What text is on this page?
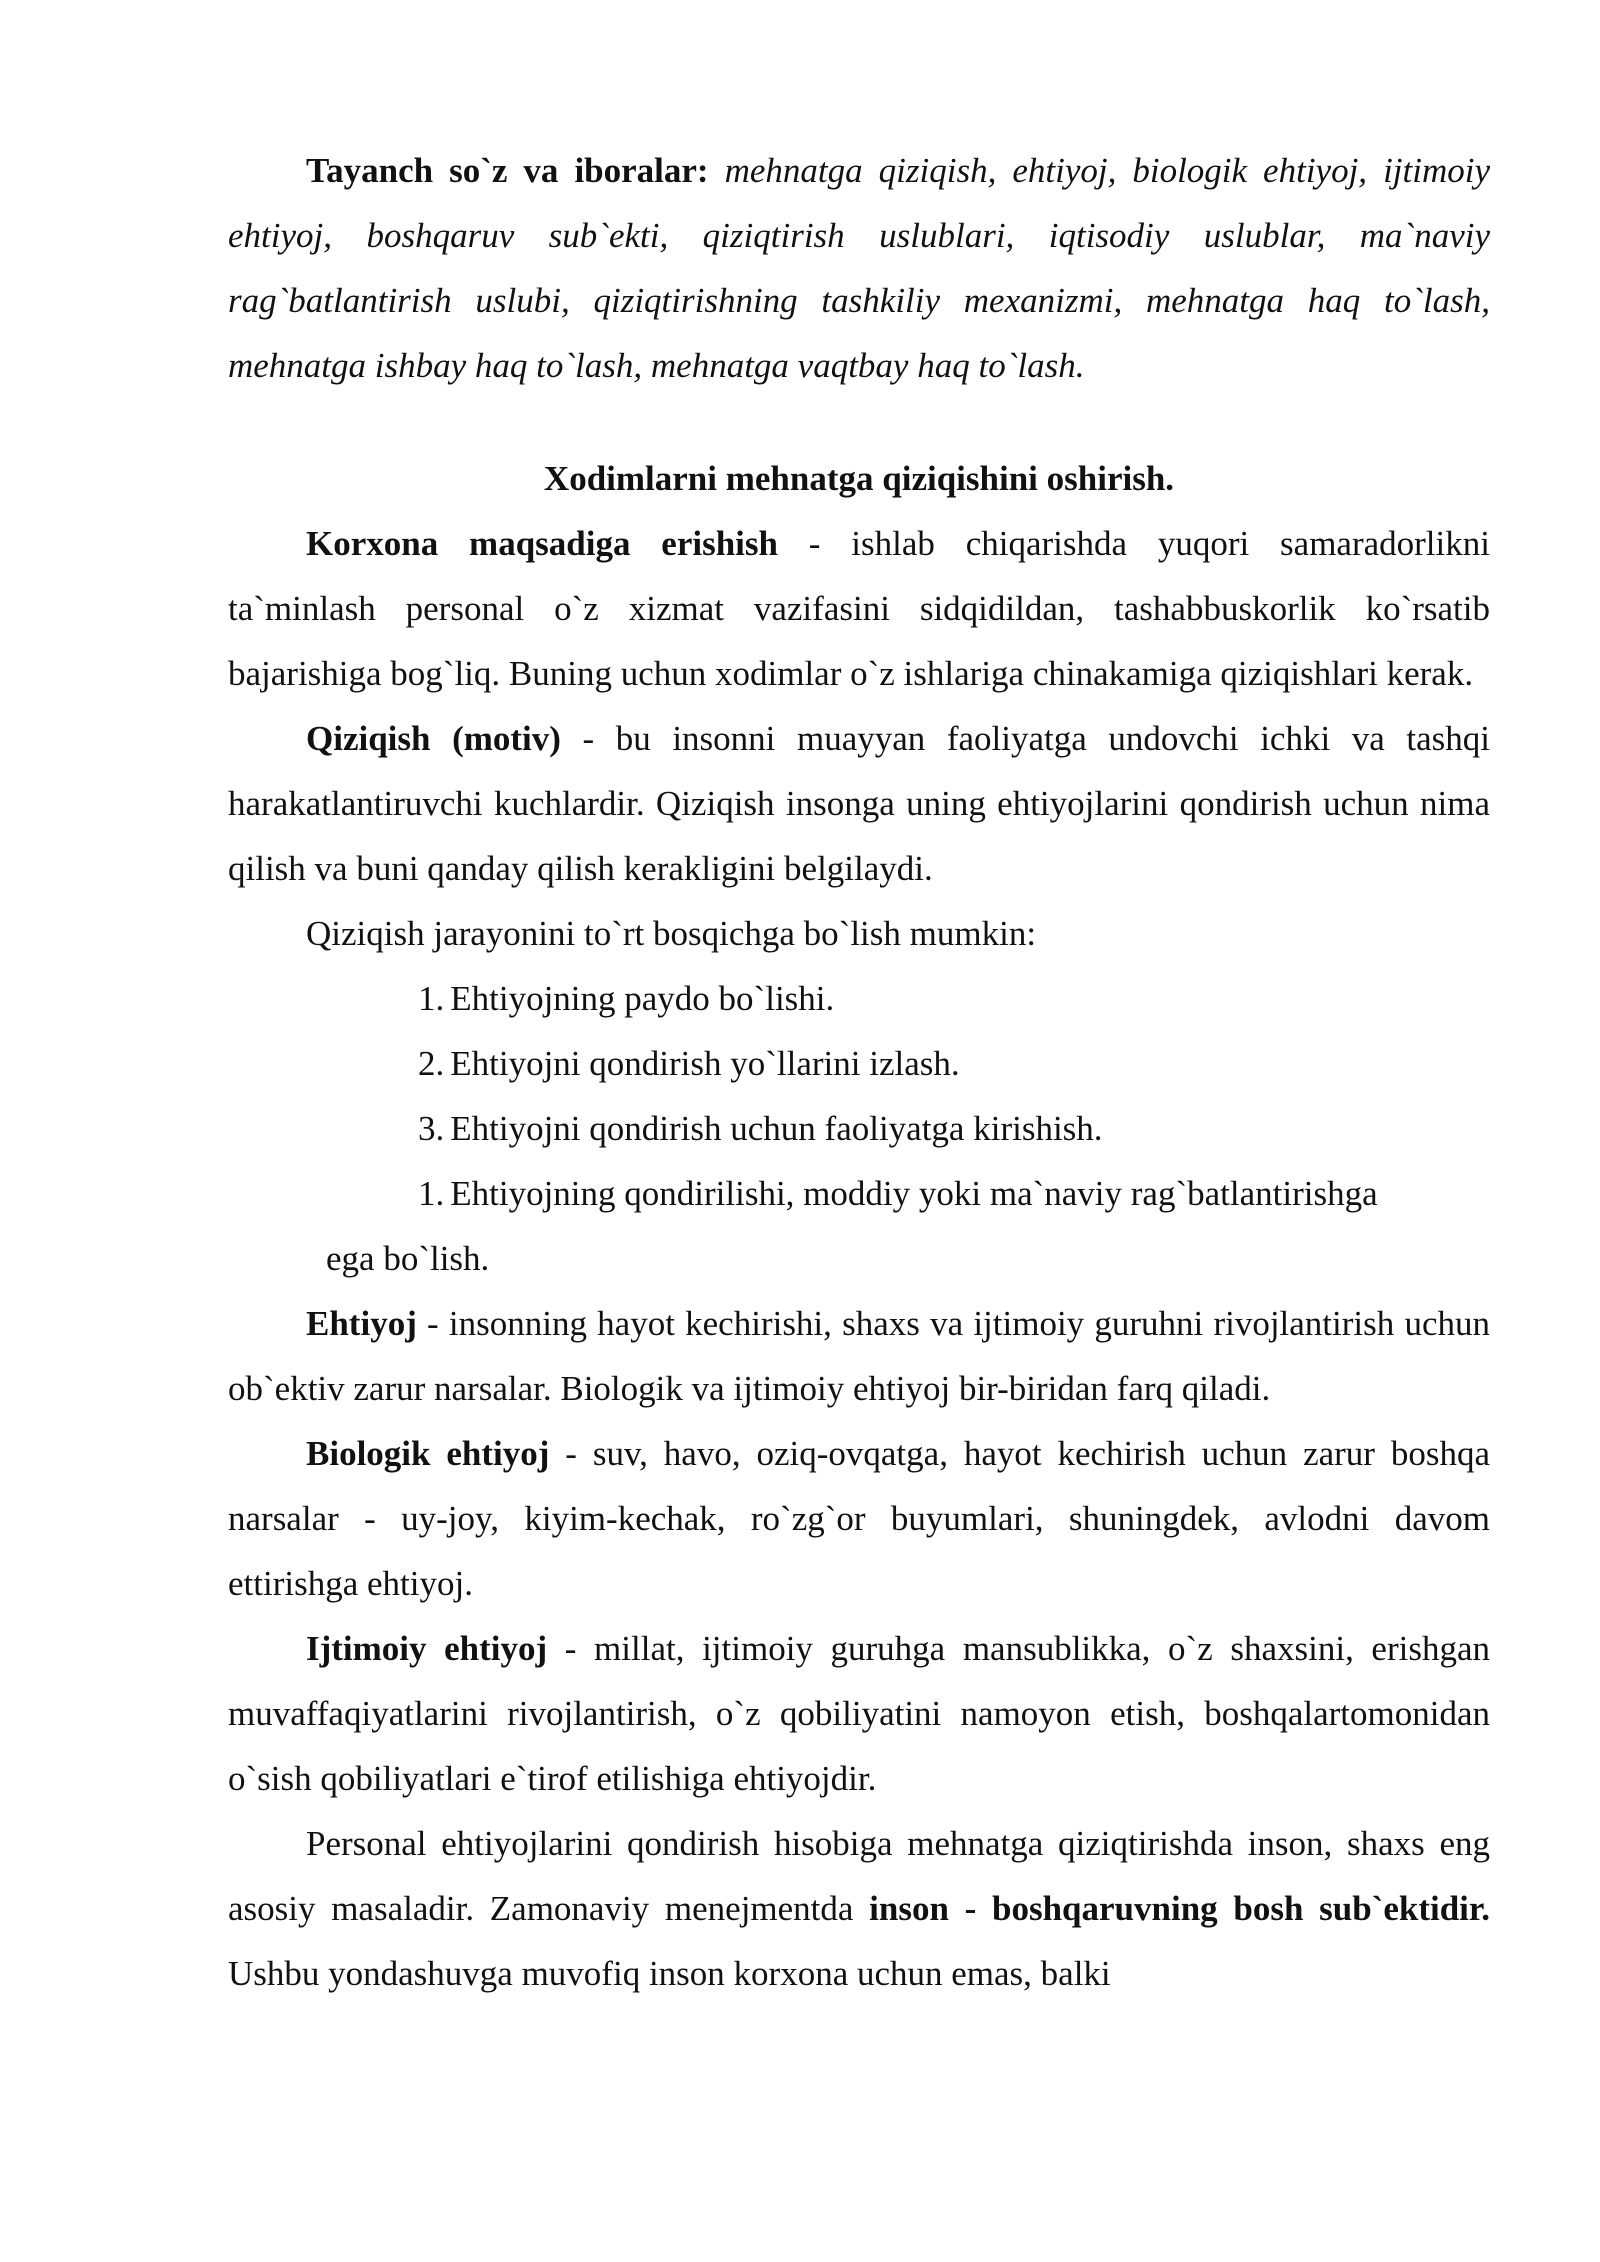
Tayanch so`z va iboralar: mehnatga qiziqish, ehtiyoj, biologik ehtiyoj, ijtimoiy ehtiyoj, boshqaruv sub`ekti, qiziqtirish uslublari, iqtisodiy uslublar, ma`naviy rag`batlantirish uslubi, qiziqtirishning tashkiliy mexanizmi, mehnatga haq to`lash, mehnatga ishbay haq to`lash, mehnatga vaqtbay haq to`lash.

Xodimlarni mehnatga qiziqishini oshirish.

Korxona maqsadiga erishish - ishlab chiqarishda yuqori samaradorlikni ta`minlash personal o`z xizmat vazifasini sidqidildan, tashabbuskorlik ko`rsatib bajarishiga bog`liq. Buning uchun xodimlar o`z ishlariga chinakamiga qiziqishlari kerak.

Qiziqish (motiv) - bu insonni muayyan faoliyatga undovchi ichki va tashqi harakatlantiruvchi kuchlardir. Qiziqish insonga uning ehtiyojlarini qondirish uchun nima qilish va buni qanday qilish kerakligini belgilaydi.

Qiziqish jarayonini to`rt bosqichga bo`lish mumkin:

1. Ehtiyojning paydo bo`lishi.
2. Ehtiyojni qondirish yo`llarini izlash.
3. Ehtiyojni qondirish uchun faoliyatga kirishish.
1. Ehtiyojning qondirilishi, moddiy yoki ma`naviy rag`batlantirishga
ega bo`lish.

Ehtiyoj - insonning hayot kechirishi, shaxs va ijtimoiy guruhni rivojlantirish uchun ob`ektiv zarur narsalar. Biologik va ijtimoiy ehtiyoj bir-biridan farq qiladi.

Biologik ehtiyoj - suv, havo, oziq-ovqatga, hayot kechirish uchun zarur boshqa narsalar - uy-joy, kiyim-kechak, ro`zg`or buyumlari, shuningdek, avlodni davom ettirishga ehtiyoj.

Ijtimoiy ehtiyoj - millat, ijtimoiy guruhga mansublikka, o`z shaxsini, erishgan muvaffaqiyatlarini rivojlantirish, o`z qobiliyatini namoyon etish, boshqalartomonidan o`sish qobiliyatlari e`tirof etilishiga ehtiyojdir.

Personal ehtiyojlarini qondirish hisobiga mehnatga qiziqtirishda inson, shaxs eng asosiy masaladir. Zamonaviy menejmentda inson - boshqaruvning bosh sub`ektidir. Ushbu yondashuvga muvofiq inson korxona uchun emas, balki
